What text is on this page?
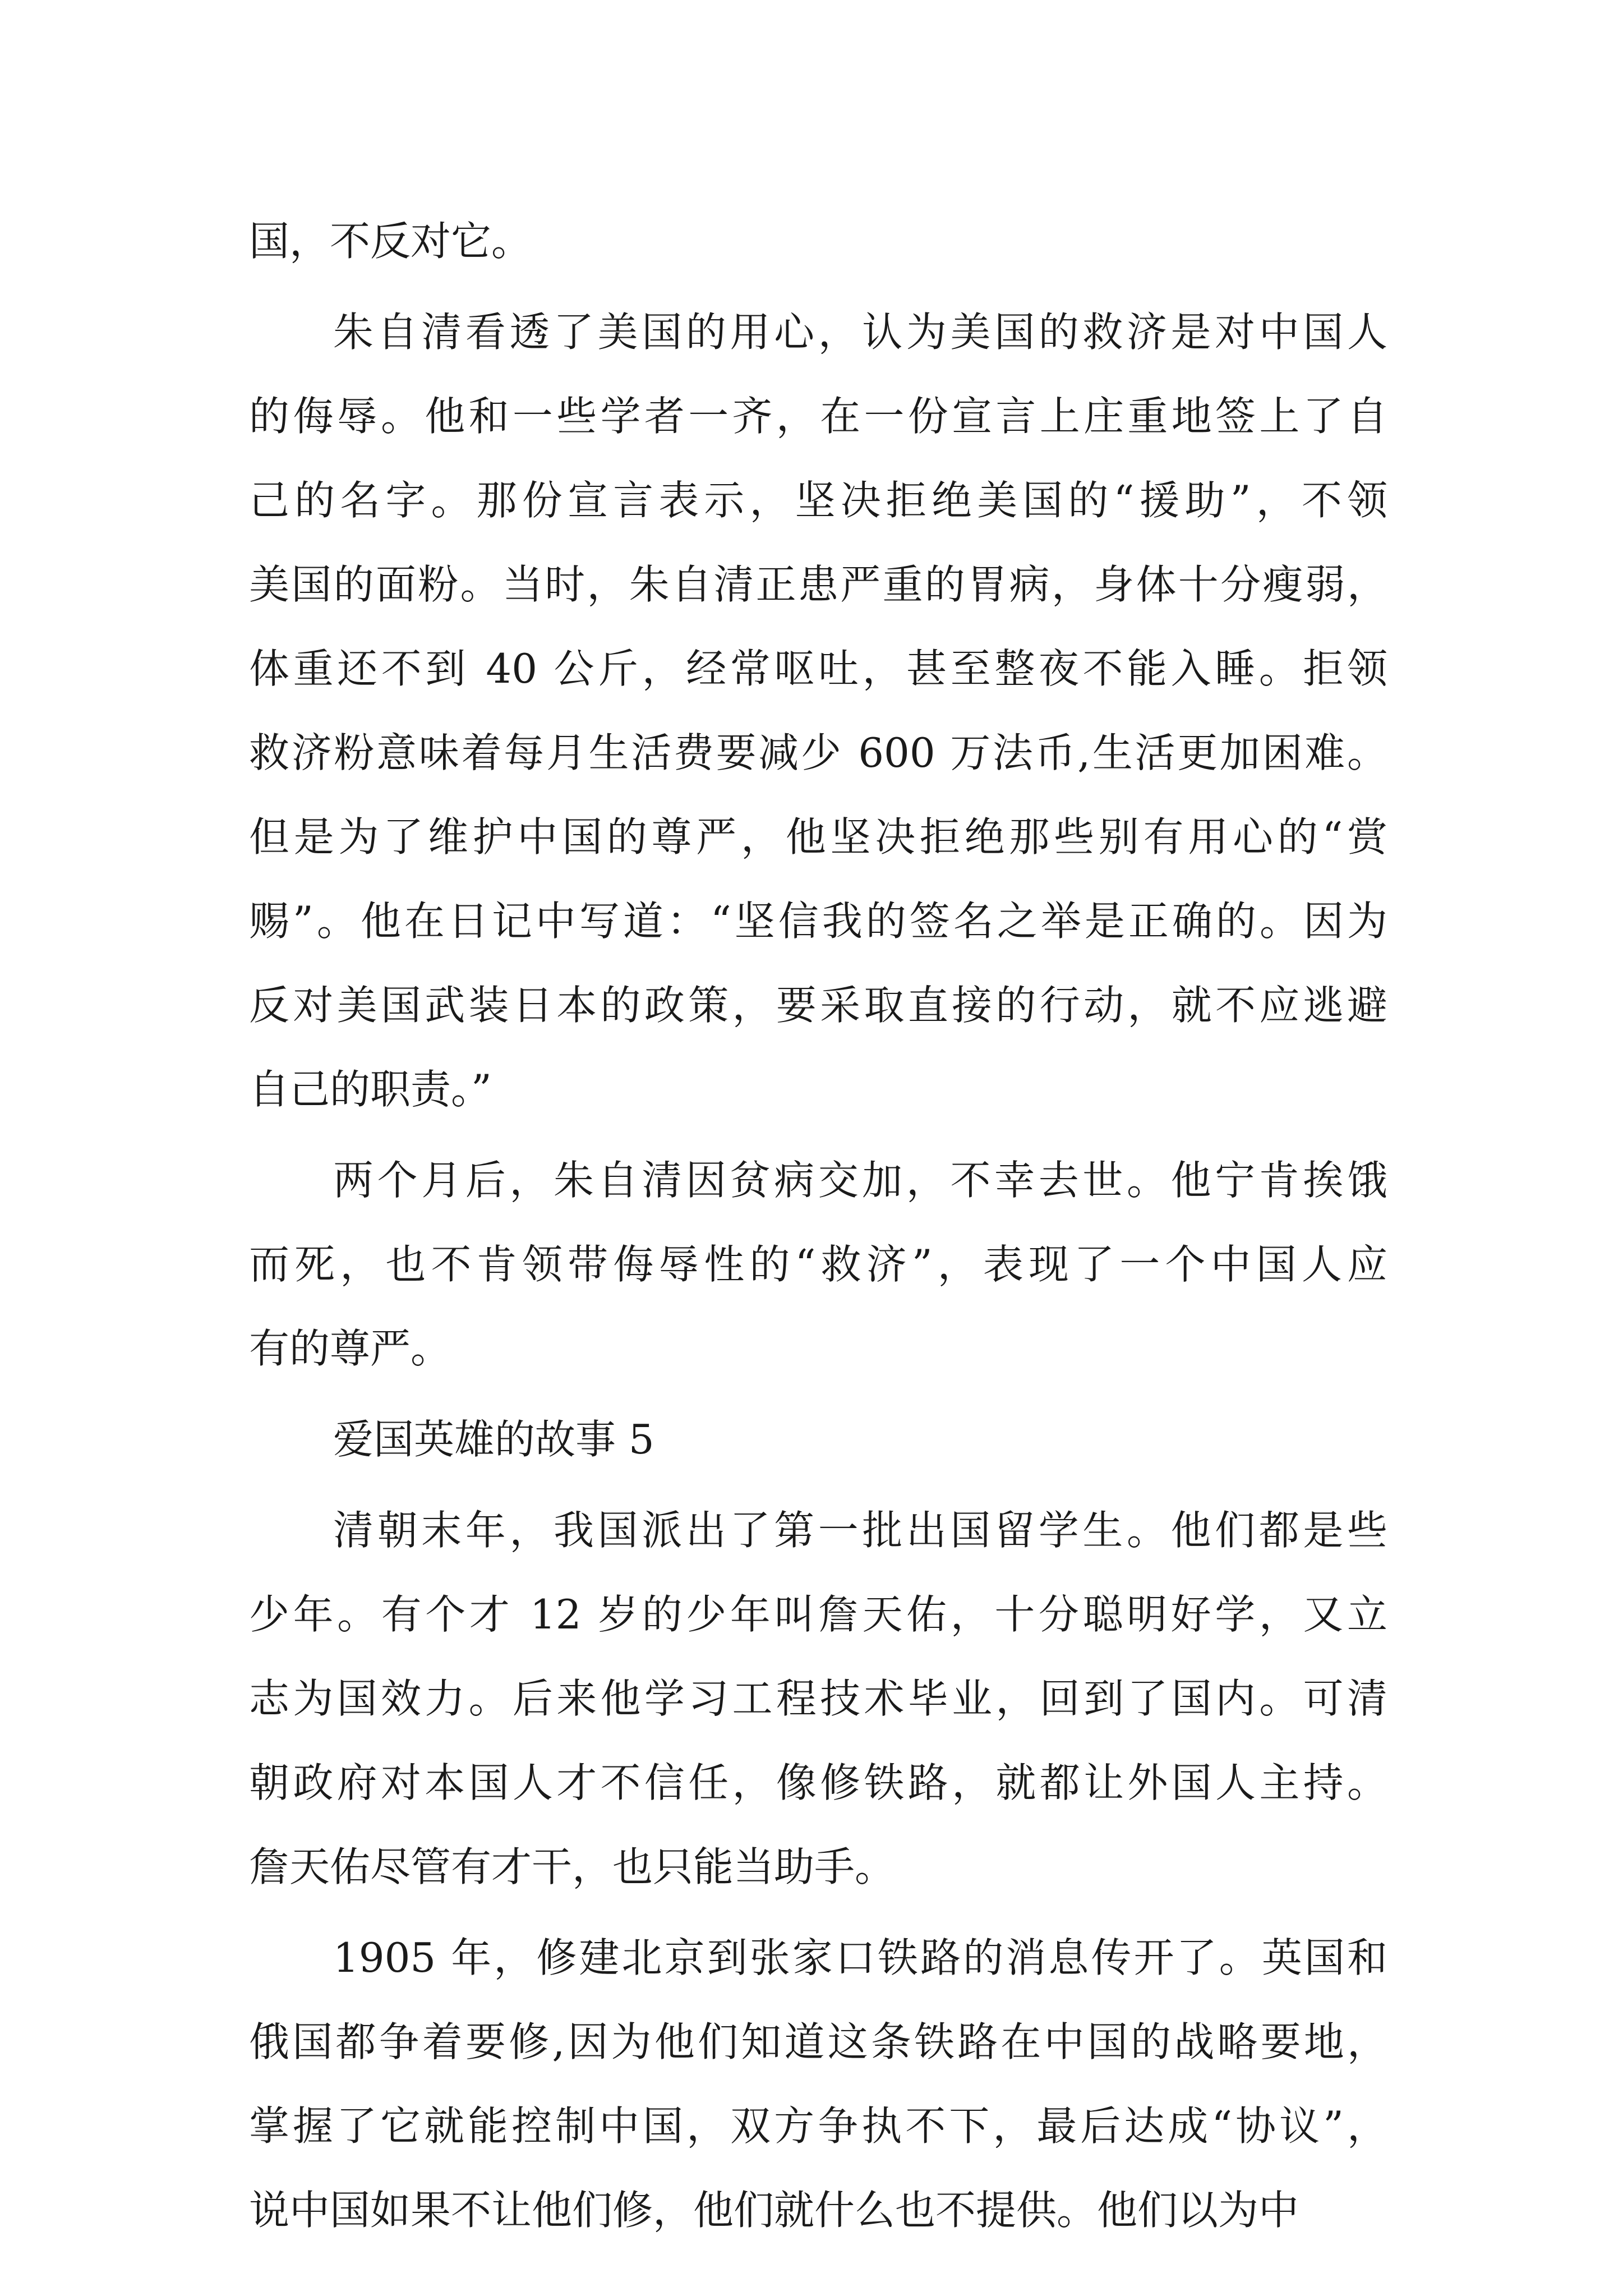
国，不反对它。
朱自清看透了美国的用心，认为美国的救济是对中国人
的侮辱。他和一些学者一齐，在一份宣言上庄重地签上了自
己的名字。那份宣言表示，坚决拒绝美国的“援助”，不领
美国的面粉。当时，朱自清正患严重的胃病，身体十分瘦弱，
体重还不到 40 公斤，经常呕吐，甚至整夜不能入睡。拒领
救济粉意味着每月生活费要减少 600 万法币,生活更加困难。
但是为了维护中国的尊严，他坚决拒绝那些别有用心的“赏
赐”。他在日记中写道：“坚信我的签名之举是正确的。因为
反对美国武装日本的政策，要采取直接的行动，就不应逃避
自己的职责。”
两个月后，朱自清因贫病交加，不幸去世。他宁肯挨饿
而死，也不肯领带侮辱性的“救济”，表现了一个中国人应
有的尊严。
爱国英雄的故事 5
清朝末年，我国派出了第一批出国留学生。他们都是些
少年。有个才 12 岁的少年叫詹天佑，十分聪明好学，又立
志为国效力。后来他学习工程技术毕业，回到了国内。可清
朝政府对本国人才不信任，像修铁路，就都让外国人主持。
詹天佑尽管有才干，也只能当助手。
1905 年，修建北京到张家口铁路的消息传开了。英国和
俄国都争着要修,因为他们知道这条铁路在中国的战略要地，
掌握了它就能控制中国，双方争执不下，最后达成“协议”，
说中国如果不让他们修，他们就什么也不提供。他们以为中
